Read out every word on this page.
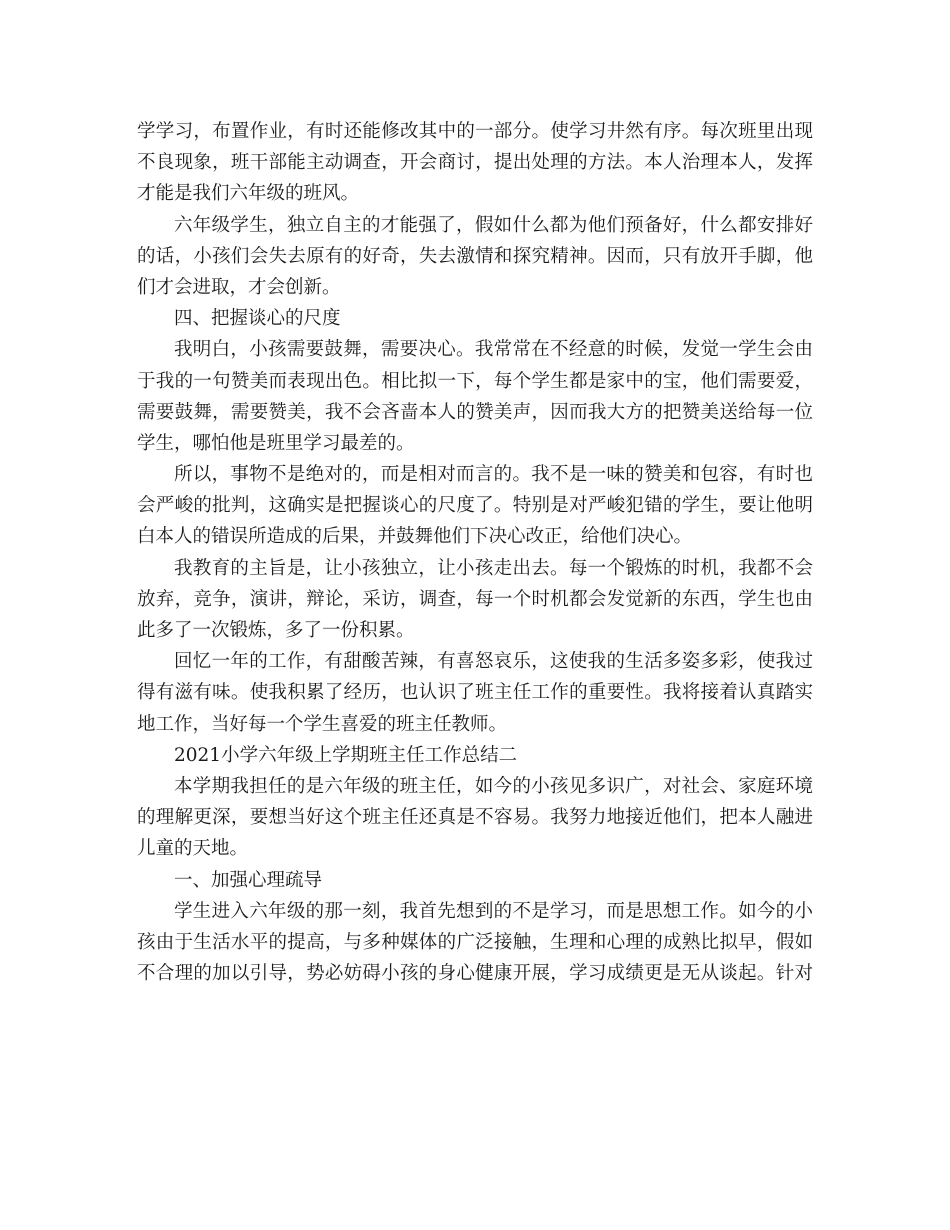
学学习，布置作业，有时还能修改其中的一部分。使学习井然有序。每次班里出现
不良现象，班干部能主动调查，开会商讨，提出处理的方法。本人治理本人，发挥
才能是我们六年级的班风。
六年级学生，独立自主的才能强了，假如什么都为他们预备好，什么都安排好
的话，小孩们会失去原有的好奇，失去激情和探究精神。因而，只有放开手脚，他
们才会进取，才会创新。
四、把握谈心的尺度
我明白，小孩需要鼓舞，需要决心。我常常在不经意的时候，发觉一学生会由
于我的一句赞美而表现出色。相比拟一下，每个学生都是家中的宝，他们需要爱，
需要鼓舞，需要赞美，我不会吝啬本人的赞美声，因而我大方的把赞美送给每一位
学生，哪怕他是班里学习最差的。
所以，事物不是绝对的，而是相对而言的。我不是一味的赞美和包容，有时也
会严峻的批判，这确实是把握谈心的尺度了。特别是对严峻犯错的学生，要让他明
白本人的错误所造成的后果，并鼓舞他们下决心改正，给他们决心。
我教育的主旨是，让小孩独立，让小孩走出去。每一个锻炼的时机，我都不会
放弃，竞争，演讲，辩论，采访，调查，每一个时机都会发觉新的东西，学生也由
此多了一次锻炼，多了一份积累。
回忆一年的工作，有甜酸苦辣，有喜怒哀乐，这使我的生活多姿多彩，使我过
得有滋有味。使我积累了经历，也认识了班主任工作的重要性。我将接着认真踏实
地工作，当好每一个学生喜爱的班主任教师。
2021小学六年级上学期班主任工作总结二
本学期我担任的是六年级的班主任，如今的小孩见多识广，对社会、家庭环境
的理解更深，要想当好这个班主任还真是不容易。我努力地接近他们，把本人融进
儿童的天地。
一、加强心理疏导
学生进入六年级的那一刻，我首先想到的不是学习，而是思想工作。如今的小
孩由于生活水平的提高，与多种媒体的广泛接触，生理和心理的成熟比拟早，假如
不合理的加以引导，势必妨碍小孩的身心健康开展，学习成绩更是无从谈起。针对
